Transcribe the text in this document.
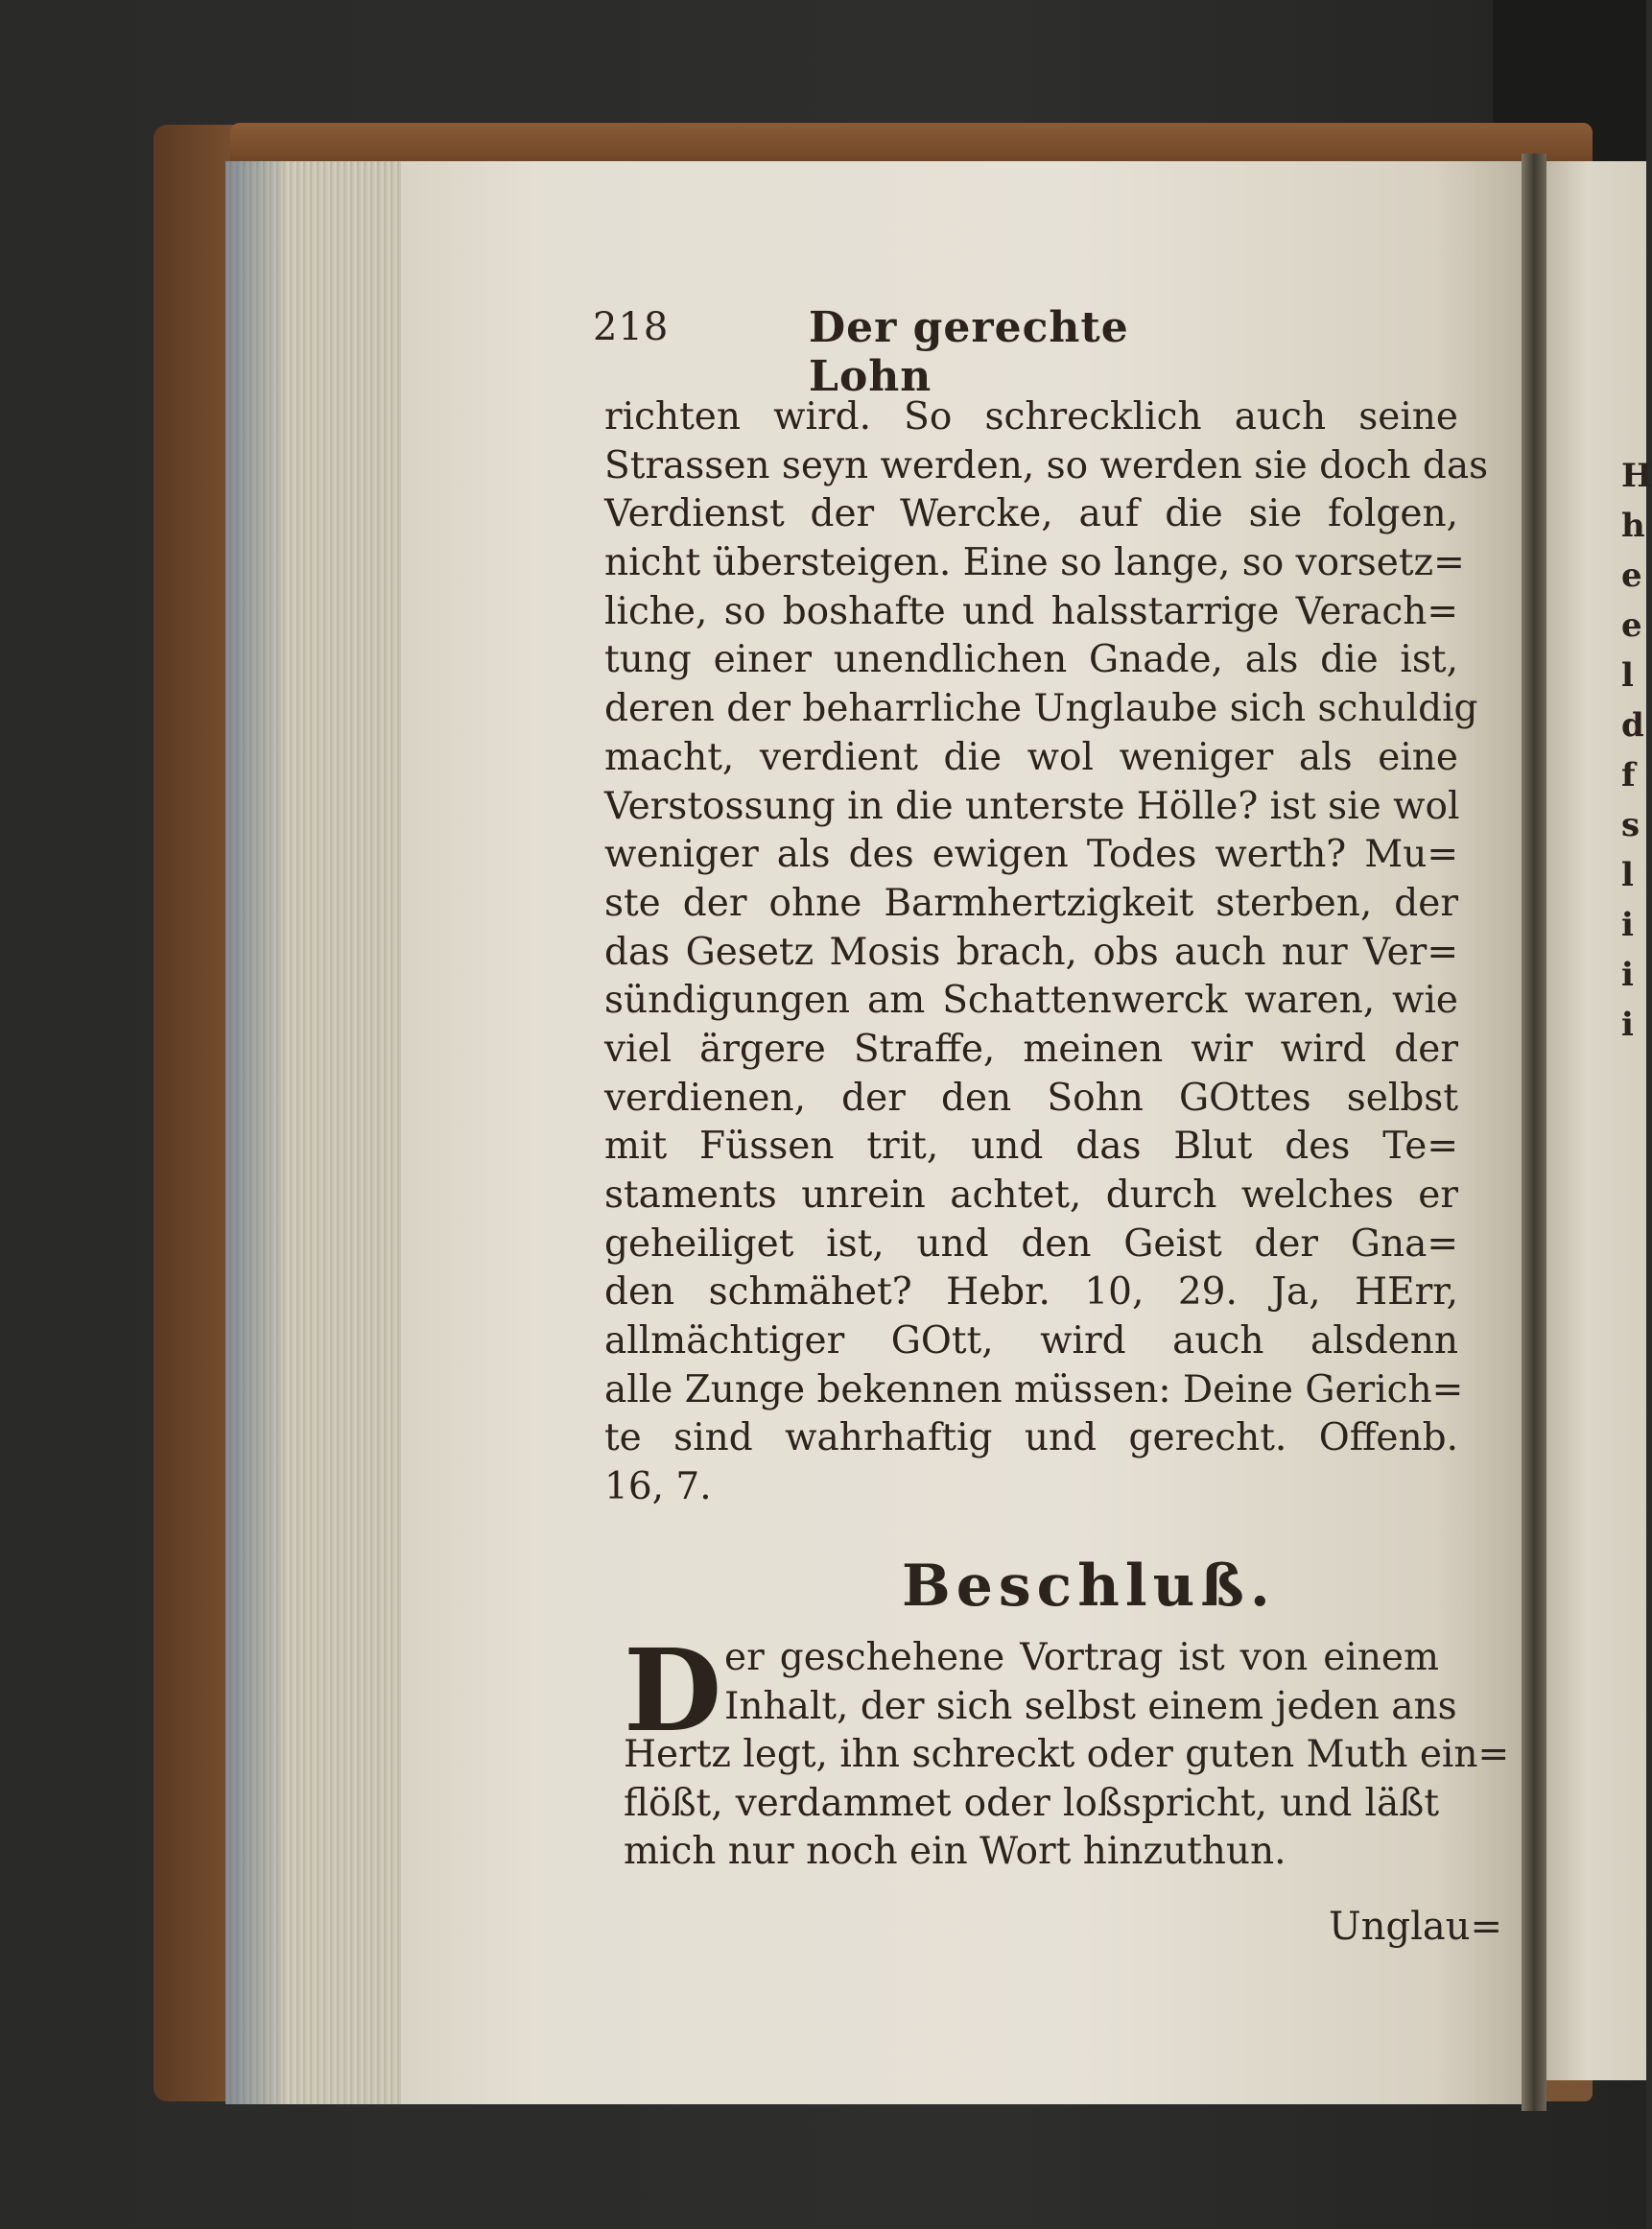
H
h
e
e
l
d
f
s
l
i
i
i
218	Der gerechte Lohn
richten wird. So schrecklich auch seine
Strassen seyn werden, so werden sie doch das
Verdienst der Wercke, auf die sie folgen,
nicht übersteigen. Eine so lange, so vorsetz=
liche, so boshafte und halsstarrige Verach=
tung einer unendlichen Gnade, als die ist,
deren der beharrliche Unglaube sich schuldig
macht, verdient die wol weniger als eine
Verstossung in die unterste Hölle? ist sie wol
weniger als des ewigen Todes werth? Mu=
ste der ohne Barmhertzigkeit sterben, der
das Gesetz Mosis brach, obs auch nur Ver=
sündigungen am Schattenwerck waren, wie
viel ärgere Straffe, meinen wir wird der
verdienen, der den Sohn GOttes selbst
mit Füssen trit, und das Blut des Te=
staments unrein achtet, durch welches er
geheiliget ist, und den Geist der Gna=
den schmähet? Hebr. 10, 29. Ja, HErr,
allmächtiger GOtt, wird auch alsdenn
alle Zunge bekennen müssen: Deine Gerich=
te sind wahrhaftig und gerecht. Offenb.
16, 7.
Beschluß.
D er geschehene Vortrag ist von einem
Inhalt, der sich selbst einem jeden ans
Hertz legt, ihn schreckt oder guten Muth ein=
flößt, verdammet oder loßspricht, und läßt
mich nur noch ein Wort hinzuthun.
Unglau=
